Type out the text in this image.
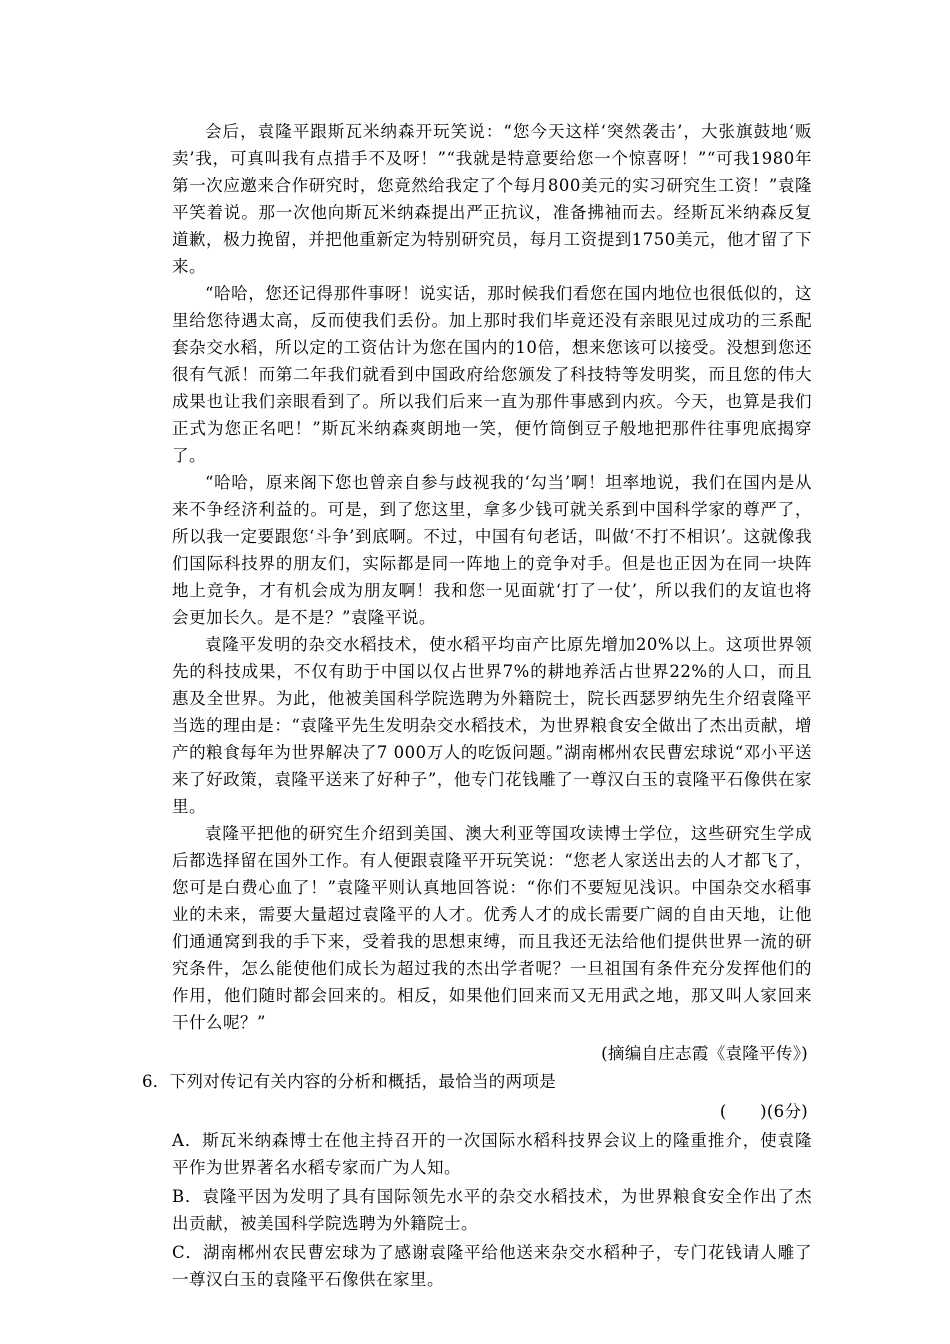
会后，袁隆平跟斯瓦米纳森开玩笑说：“您今天这样‘突然袭击’，大张旗鼓地‘贩卖’我，可真叫我有点措手不及呀！”“我就是特意要给您一个惊喜呀！”“可我1980年第一次应邀来合作研究时，您竟然给我定了个每月800美元的实习研究生工资！”袁隆平笑着说。那一次他向斯瓦米纳森提出严正抗议，准备拂袖而去。经斯瓦米纳森反复道歉，极力挽留，并把他重新定为特别研究员，每月工资提到1750美元，他才留了下来。

“哈哈，您还记得那件事呀！说实话，那时候我们看您在国内地位也很低似的，这里给您待遇太高，反而使我们丢份。加上那时我们毕竟还没有亲眼见过成功的三系配套杂交水稻，所以定的工资估计为您在国内的10倍，想来您该可以接受。没想到您还很有气派！而第二年我们就看到中国政府给您颁发了科技特等发明奖，而且您的伟大成果也让我们亲眼看到了。所以我们后来一直为那件事感到内疚。今天，也算是我们正式为您正名吧！”斯瓦米纳森爽朗地一笑，便竹筒倒豆子般地把那件往事兜底揭穿了。

“哈哈，原来阁下您也曾亲自参与歧视我的‘勾当’啊！坦率地说，我们在国内是从来不争经济利益的。可是，到了您这里，拿多少钱可就关系到中国科学家的尊严了，所以我一定要跟您‘斗争’到底啊。不过，中国有句老话，叫做‘不打不相识’。这就像我们国际科技界的朋友们，实际都是同一阵地上的竞争对手。但是也正因为在同一块阵地上竞争，才有机会成为朋友啊！我和您一见面就‘打了一仗’，所以我们的友谊也将会更加长久。是不是？”袁隆平说。

袁隆平发明的杂交水稻技术，使水稻平均亩产比原先增加20%以上。这项世界领先的科技成果，不仅有助于中国以仅占世界7%的耕地养活占世界22%的人口，而且惠及全世界。为此，他被美国科学院选聘为外籍院士，院长西瑟罗纳先生介绍袁隆平当选的理由是：“袁隆平先生发明杂交水稻技术，为世界粮食安全做出了杰出贡献，增产的粮食每年为世界解决了7 000万人的吃饭问题。”湖南郴州农民曹宏球说“邓小平送来了好政策，袁隆平送来了好种子”，他专门花钱雕了一尊汉白玉的袁隆平石像供在家里。

袁隆平把他的研究生介绍到美国、澳大利亚等国攻读博士学位，这些研究生学成后都选择留在国外工作。有人便跟袁隆平开玩笑说：“您老人家送出去的人才都飞了，您可是白费心血了！”袁隆平则认真地回答说：“你们不要短见浅识。中国杂交水稻事业的未来，需要大量超过袁隆平的人才。优秀人才的成长需要广阔的自由天地，让他们通通窝到我的手下来，受着我的思想束缚，而且我还无法给他们提供世界一流的研究条件，怎么能使他们成长为超过我的杰出学者呢？一旦祖国有条件充分发挥他们的作用，他们随时都会回来的。相反，如果他们回来而又无用武之地，那又叫人家回来干什么呢？”

(摘编自庄志霞《袁隆平传》)

6．下列对传记有关内容的分析和概括，最恰当的两项是

(　　)(6分)

A．斯瓦米纳森博士在他主持召开的一次国际水稻科技界会议上的隆重推介，使袁隆平作为世界著名水稻专家而广为人知。

B．袁隆平因为发明了具有国际领先水平的杂交水稻技术，为世界粮食安全作出了杰出贡献，被美国科学院选聘为外籍院士。

C．湖南郴州农民曹宏球为了感谢袁隆平给他送来杂交水稻种子，专门花钱请人雕了一尊汉白玉的袁隆平石像供在家里。
